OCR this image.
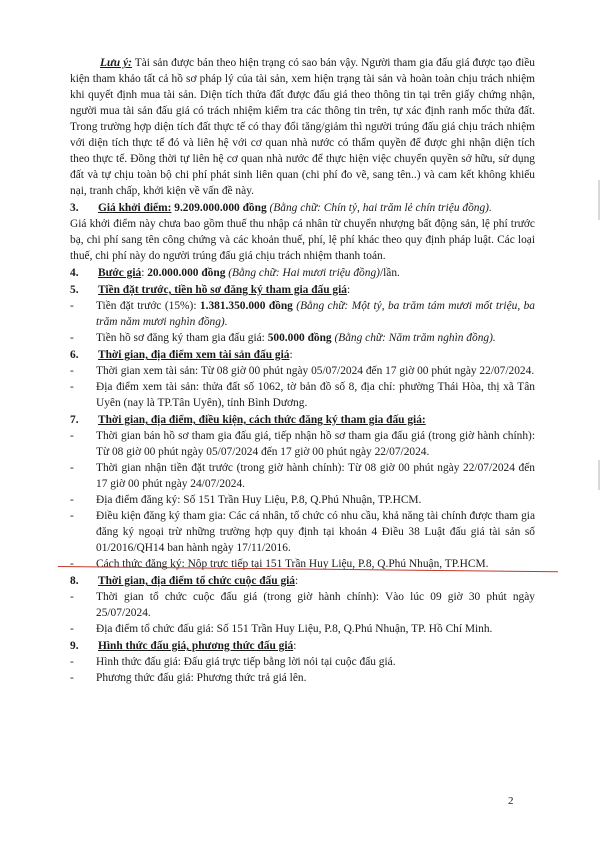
Lưu ý: Tài sản được bán theo hiện trạng có sao bán vậy. Người tham gia đấu giá được tạo điều kiện tham khảo tất cả hồ sơ pháp lý của tài sản, xem hiện trạng tài sản và hoàn toàn chịu trách nhiệm khi quyết định mua tài sản. Diện tích thửa đất được đấu giá theo thông tin tại trên giấy chứng nhận, người mua tài sản đấu giá có trách nhiệm kiểm tra các thông tin trên, tự xác định ranh mốc thửa đất. Trong trường hợp diện tích đất thực tế có thay đổi tăng/giảm thì người trúng đấu giá chịu trách nhiệm với diện tích thực tế đó và liên hệ với cơ quan nhà nước có thẩm quyền để được ghi nhận diện tích theo thực tế. Đồng thời tự liên hệ cơ quan nhà nước để thực hiện việc chuyển quyền sở hữu, sử dụng đất và tự chịu toàn bộ chi phí phát sinh liên quan (chi phí đo vẽ, sang tên..) và cam kết không khiếu nại, tranh chấp, khởi kiện về vấn đề này.

3.	Giá khởi điểm: 9.209.000.000 đồng (Bằng chữ: Chín tỷ, hai trăm lẻ chín triệu đồng).

Giá khởi điểm này chưa bao gồm thuế thu nhập cá nhân từ chuyển nhượng bất động sản, lệ phí trước bạ, chi phí sang tên công chứng và các khoản thuế, phí, lệ phí khác theo quy định pháp luật. Các loại thuế, chi phí này do người trúng đấu giá chịu trách nhiệm thanh toán.

4.	Bước giá: 20.000.000 đồng (Bằng chữ: Hai mươi triệu đồng)/lần.
5.	Tiền đặt trước, tiền hồ sơ đăng ký tham gia đấu giá:
-	Tiền đặt trước (15%): 1.381.350.000 đồng (Bằng chữ: Một tỷ, ba trăm tám mươi mốt triệu, ba trăm năm mươi nghìn đồng).
-	Tiền hồ sơ đăng ký tham gia đấu giá: 500.000 đồng (Bằng chữ: Năm trăm nghìn đồng).
6.	Thời gian, địa điểm xem tài sản đấu giá:
-	Thời gian xem tài sản: Từ 08 giờ 00 phút ngày 05/07/2024 đến 17 giờ 00 phút ngày 22/07/2024.
-	Địa điểm xem tài sản: thửa đất số 1062, tờ bản đồ số 8, địa chỉ: phường Thái Hòa, thị xã Tân Uyên (nay là TP.Tân Uyên), tỉnh Bình Dương.
7.	Thời gian, địa điểm, điều kiện, cách thức đăng ký tham gia đấu giá:
-	Thời gian bán hồ sơ tham gia đấu giá, tiếp nhận hồ sơ tham gia đấu giá (trong giờ hành chính): Từ 08 giờ 00 phút ngày 05/07/2024 đến 17 giờ 00 phút ngày 22/07/2024.
-	Thời gian nhận tiền đặt trước (trong giờ hành chính): Từ 08 giờ 00 phút ngày 22/07/2024 đến 17 giờ 00 phút ngày 24/07/2024.
-	Địa điểm đăng ký: Số 151 Trần Huy Liệu, P.8, Q.Phú Nhuận, TP.HCM.
-	Điều kiện đăng ký tham gia: Các cá nhân, tổ chức có nhu cầu, khả năng tài chính được tham gia đăng ký ngoại trừ những trường hợp quy định tại khoản 4 Điều 38 Luật đấu giá tài sản số 01/2016/QH14 ban hành ngày 17/11/2016.
-	Cách thức đăng ký: Nộp trực tiếp tại 151 Trần Huy Liệu, P.8, Q.Phú Nhuận, TP.HCM.
8.	Thời gian, địa điểm tổ chức cuộc đấu giá:
-	Thời gian tổ chức cuộc đấu giá (trong giờ hành chính): Vào lúc 09 giờ 30 phút ngày 25/07/2024.
-	Địa điểm tổ chức đấu giá: Số 151 Trần Huy Liệu, P.8, Q.Phú Nhuận, TP. Hồ Chí Minh.
9.	Hình thức đấu giá, phương thức đấu giá:
-	Hình thức đấu giá: Đấu giá trực tiếp bằng lời nói tại cuộc đấu giá.
-	Phương thức đấu giá: Phương thức trả giá lên.
2
